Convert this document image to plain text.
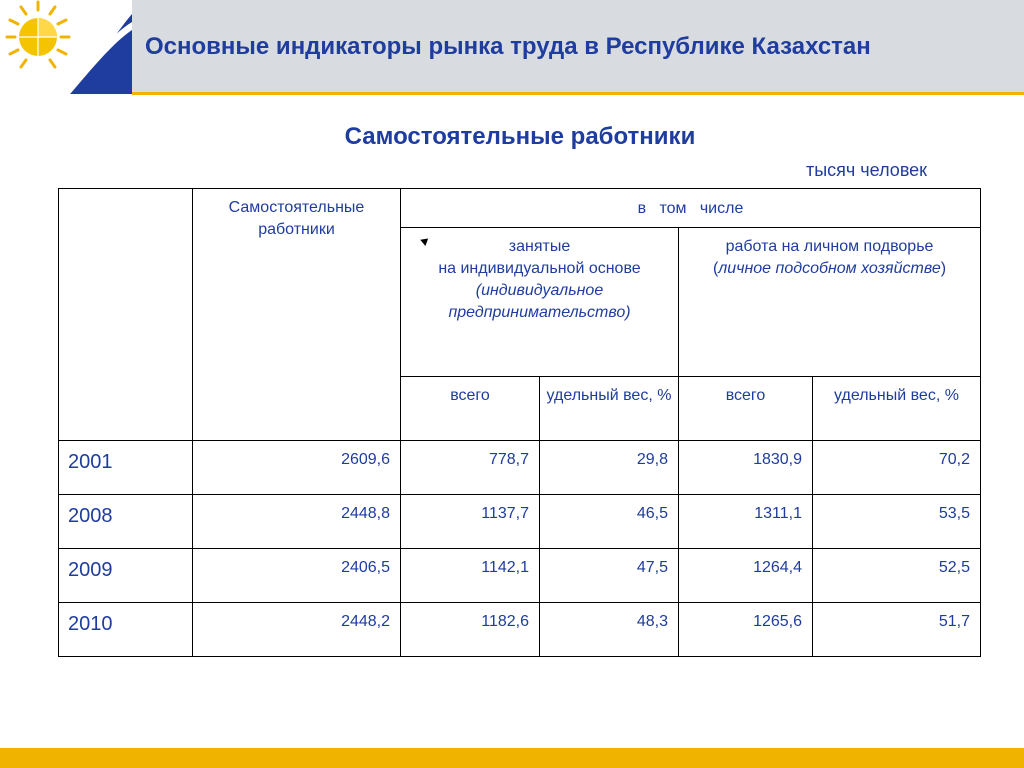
Основные индикаторы рынка труда в Республике Казахстан
Самостоятельные работники
тысяч человек
	Самостоятельные работники	в   том   числе			

		занятые
на индивидуальной основе
(индивидуальное предпринимательство)		работа на личном подворье
(личное подсобном хозяйстве)	
		всего	удельный вес, %	всего	удельный вес, %
2001	2609,6	778,7	29,8	1830,9	70,2
2008	2448,8	1137,7	46,5	1311,1	53,5
2009	2406,5	1142,1	47,5	1264,4	52,5
2010	2448,2	1182,6	48,3	1265,6	51,7
